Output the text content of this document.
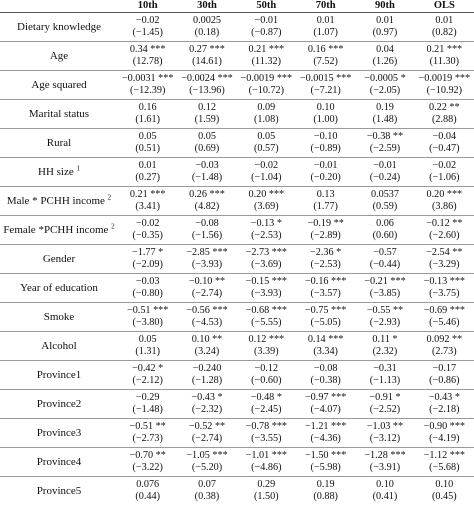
	10th	30th	50th	70th	90th	OLS
Dietary knowledge	−0.02	0.0025	−0.01	0.01	0.01	0.01
	(−1.45)	(0.18)	(−0.87)	(1.07)	(0.97)	(0.82)
Age	0.34 ***	0.27 ***	0.21 ***	0.16 ***	0.04	0.21 ***
	(12.78)	(14.61)	(11.32)	(7.52)	(1.26)	(11.30)
Age squared	−0.0031 ***	−0.0024 ***	−0.0019 ***	−0.0015 ***	−0.0005 *	−0.0019 ***
	(−12.39)	(−13.96)	(−10.72)	(−7.21)	(−2.05)	(−10.92)
Marital status	0.16	0.12	0.09	0.10	0.19	0.22 **
	(1.61)	(1.59)	(1.08)	(1.00)	(1.48)	(2.88)
Rural	0.05	0.05	0.05	−0.10	−0.38 **	−0.04
	(0.51)	(0.69)	(0.57)	(−0.89)	(−2.59)	(−0.47)
HH size $^1$	0.01	−0.03	−0.02	−0.01	−0.01	−0.02
	(0.27)	(−1.48)	(−1.04)	(−0.20)	(−0.24)	(−1.06)
Male * PCHH income $^2$	0.21 ***	0.26 ***	0.20 ***	0.13	0.0537	0.20 ***
	(3.41)	(4.82)	(3.69)	(1.77)	(0.59)	(3.86)
Female *PCHH income $^2$	−0.02	−0.08	−0.13 *	−0.19 **	0.06	−0.12 **
	(−0.35)	(−1.56)	(−2.53)	(−2.89)	(0.60)	(−2.60)
Gender	−1.77 *	−2.85 ***	−2.73 ***	−2.36 *	−0.57	−2.54 **
	(−2.09)	(−3.93)	(−3.69)	(−2.53)	(−0.44)	(−3.29)
Year of education	−0.03	−0.10 **	−0.15 ***	−0.16 ***	−0.21 ***	−0.13 ***
	(−0.80)	(−2.74)	(−3.93)	(−3.57)	(−3.85)	(−3.75)
Smoke	−0.51 ***	−0.56 ***	−0.68 ***	−0.75 ***	−0.55 **	−0.69 ***
	(−3.80)	(−4.53)	(−5.55)	(−5.05)	(−2.93)	(−5.46)
Alcohol	0.05	0.10 **	0.12 ***	0.14 ***	0.11 *	0.092 **
	(1.31)	(3.24)	(3.39)	(3.34)	(2.32)	(2.73)
Province1	−0.42 *	−0.240	−0.12	−0.08	−0.31	−0.17
	(−2.12)	(−1.28)	(−0.60)	(−0.38)	(−1.13)	(−0.86)
Province2	−0.29	−0.43 *	−0.48 *	−0.97 ***	−0.91 *	−0.43 *
	(−1.48)	(−2.32)	(−2.45)	(−4.07)	(−2.52)	(−2.18)
Province3	−0.51 **	−0.52 **	−0.78 ***	−1.21 ***	−1.03 **	−0.90 ***
	(−2.73)	(−2.74)	(−3.55)	(−4.36)	(−3.12)	(−4.19)
Province4	−0.70 **	−1.05 ***	−1.01 ***	−1.50 ***	−1.28 ***	−1.12 ***
	(−3.22)	(−5.20)	(−4.86)	(−5.98)	(−3.91)	(−5.68)
Province5	0.076	0.07	0.29	0.19	0.10	0.10
	(0.44)	(0.38)	(1.50)	(0.88)	(0.41)	(0.45)
